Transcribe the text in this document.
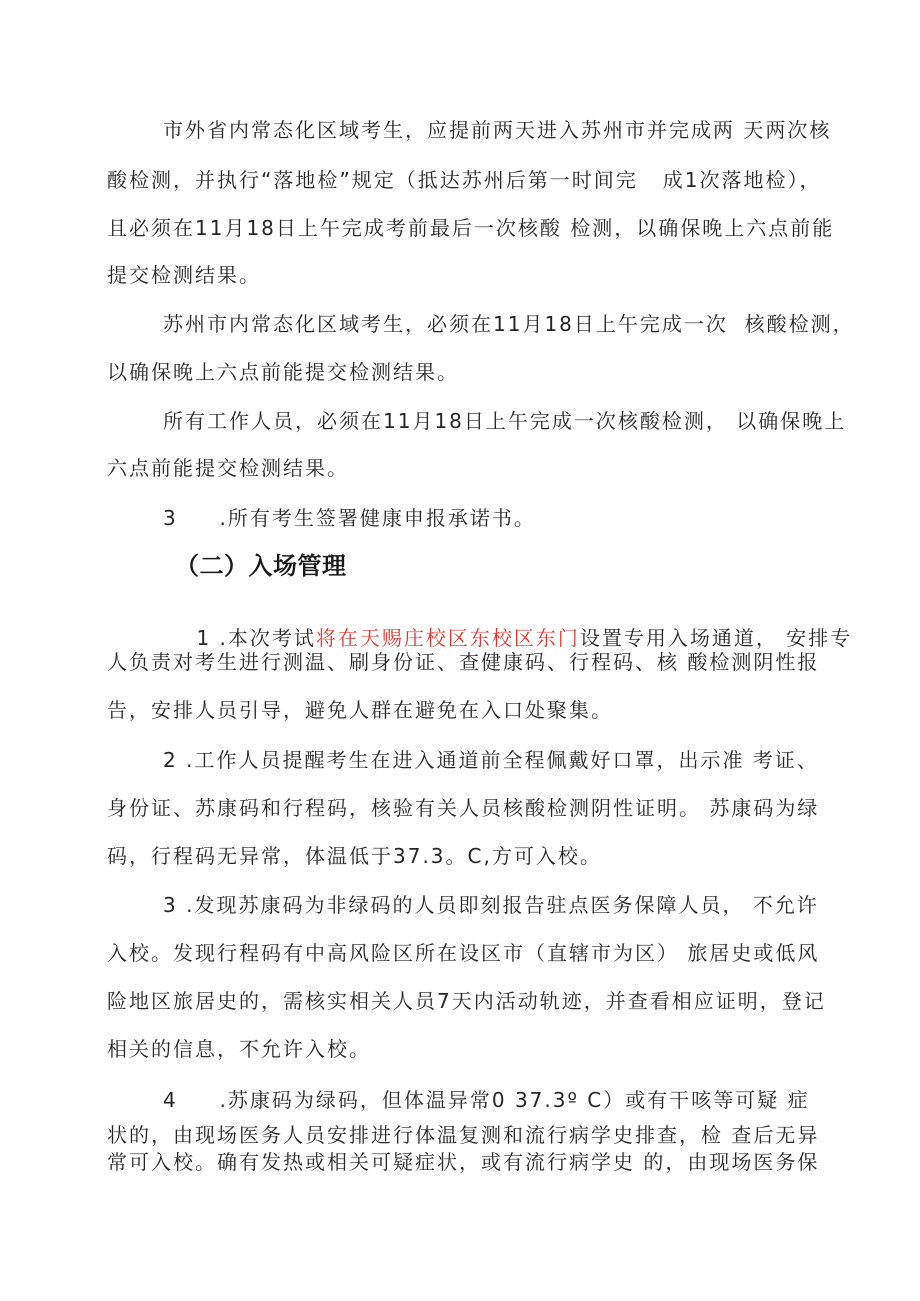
市外省内常态化区域考生，应提前两天进入苏州市并完成两 天两次核
酸检测，并执行“落地检”规定（抵达苏州后第一时间完   成1次落地检），
且必须在11月18日上午完成考前最后一次核酸 检测，以确保晚上六点前能
提交检测结果。
苏州市内常态化区域考生，必须在11月18日上午完成一次  核酸检测，
以确保晚上六点前能提交检测结果。
所有工作人员，必须在11月18日上午完成一次核酸检测， 以确保晚上
六点前能提交检测结果。
3     .所有考生签署健康申报承诺书。
（二）入场管理

1 .本次考试将在天赐庄校区东校区东门设置专用入场通道， 安排专

人负责对考生进行测温、刷身份证、查健康码、行程码、核 酸检测阴性报
告，安排人员引导，避免人群在避免在入口处聚集。
2 .工作人员提醒考生在进入通道前全程佩戴好口罩，出示准 考证、
身份证、苏康码和行程码，核验有关人员核酸检测阴性证明。 苏康码为绿
码，行程码无异常，体温低于37.3。C,方可入校。
3 .发现苏康码为非绿码的人员即刻报告驻点医务保障人员， 不允许
入校。发现行程码有中高风险区所在设区市（直辖市为区） 旅居史或低风
险地区旅居史的，需核实相关人员7天内活动轨迹，并查看相应证明，登记
相关的信息，不允许入校。
4     .苏康码为绿码，但体温异常0 37.3º C）或有干咳等可疑 症
状的，由现场医务人员安排进行体温复测和流行病学史排查，检 查后无异
常可入校。确有发热或相关可疑症状，或有流行病学史 的，由现场医务保
